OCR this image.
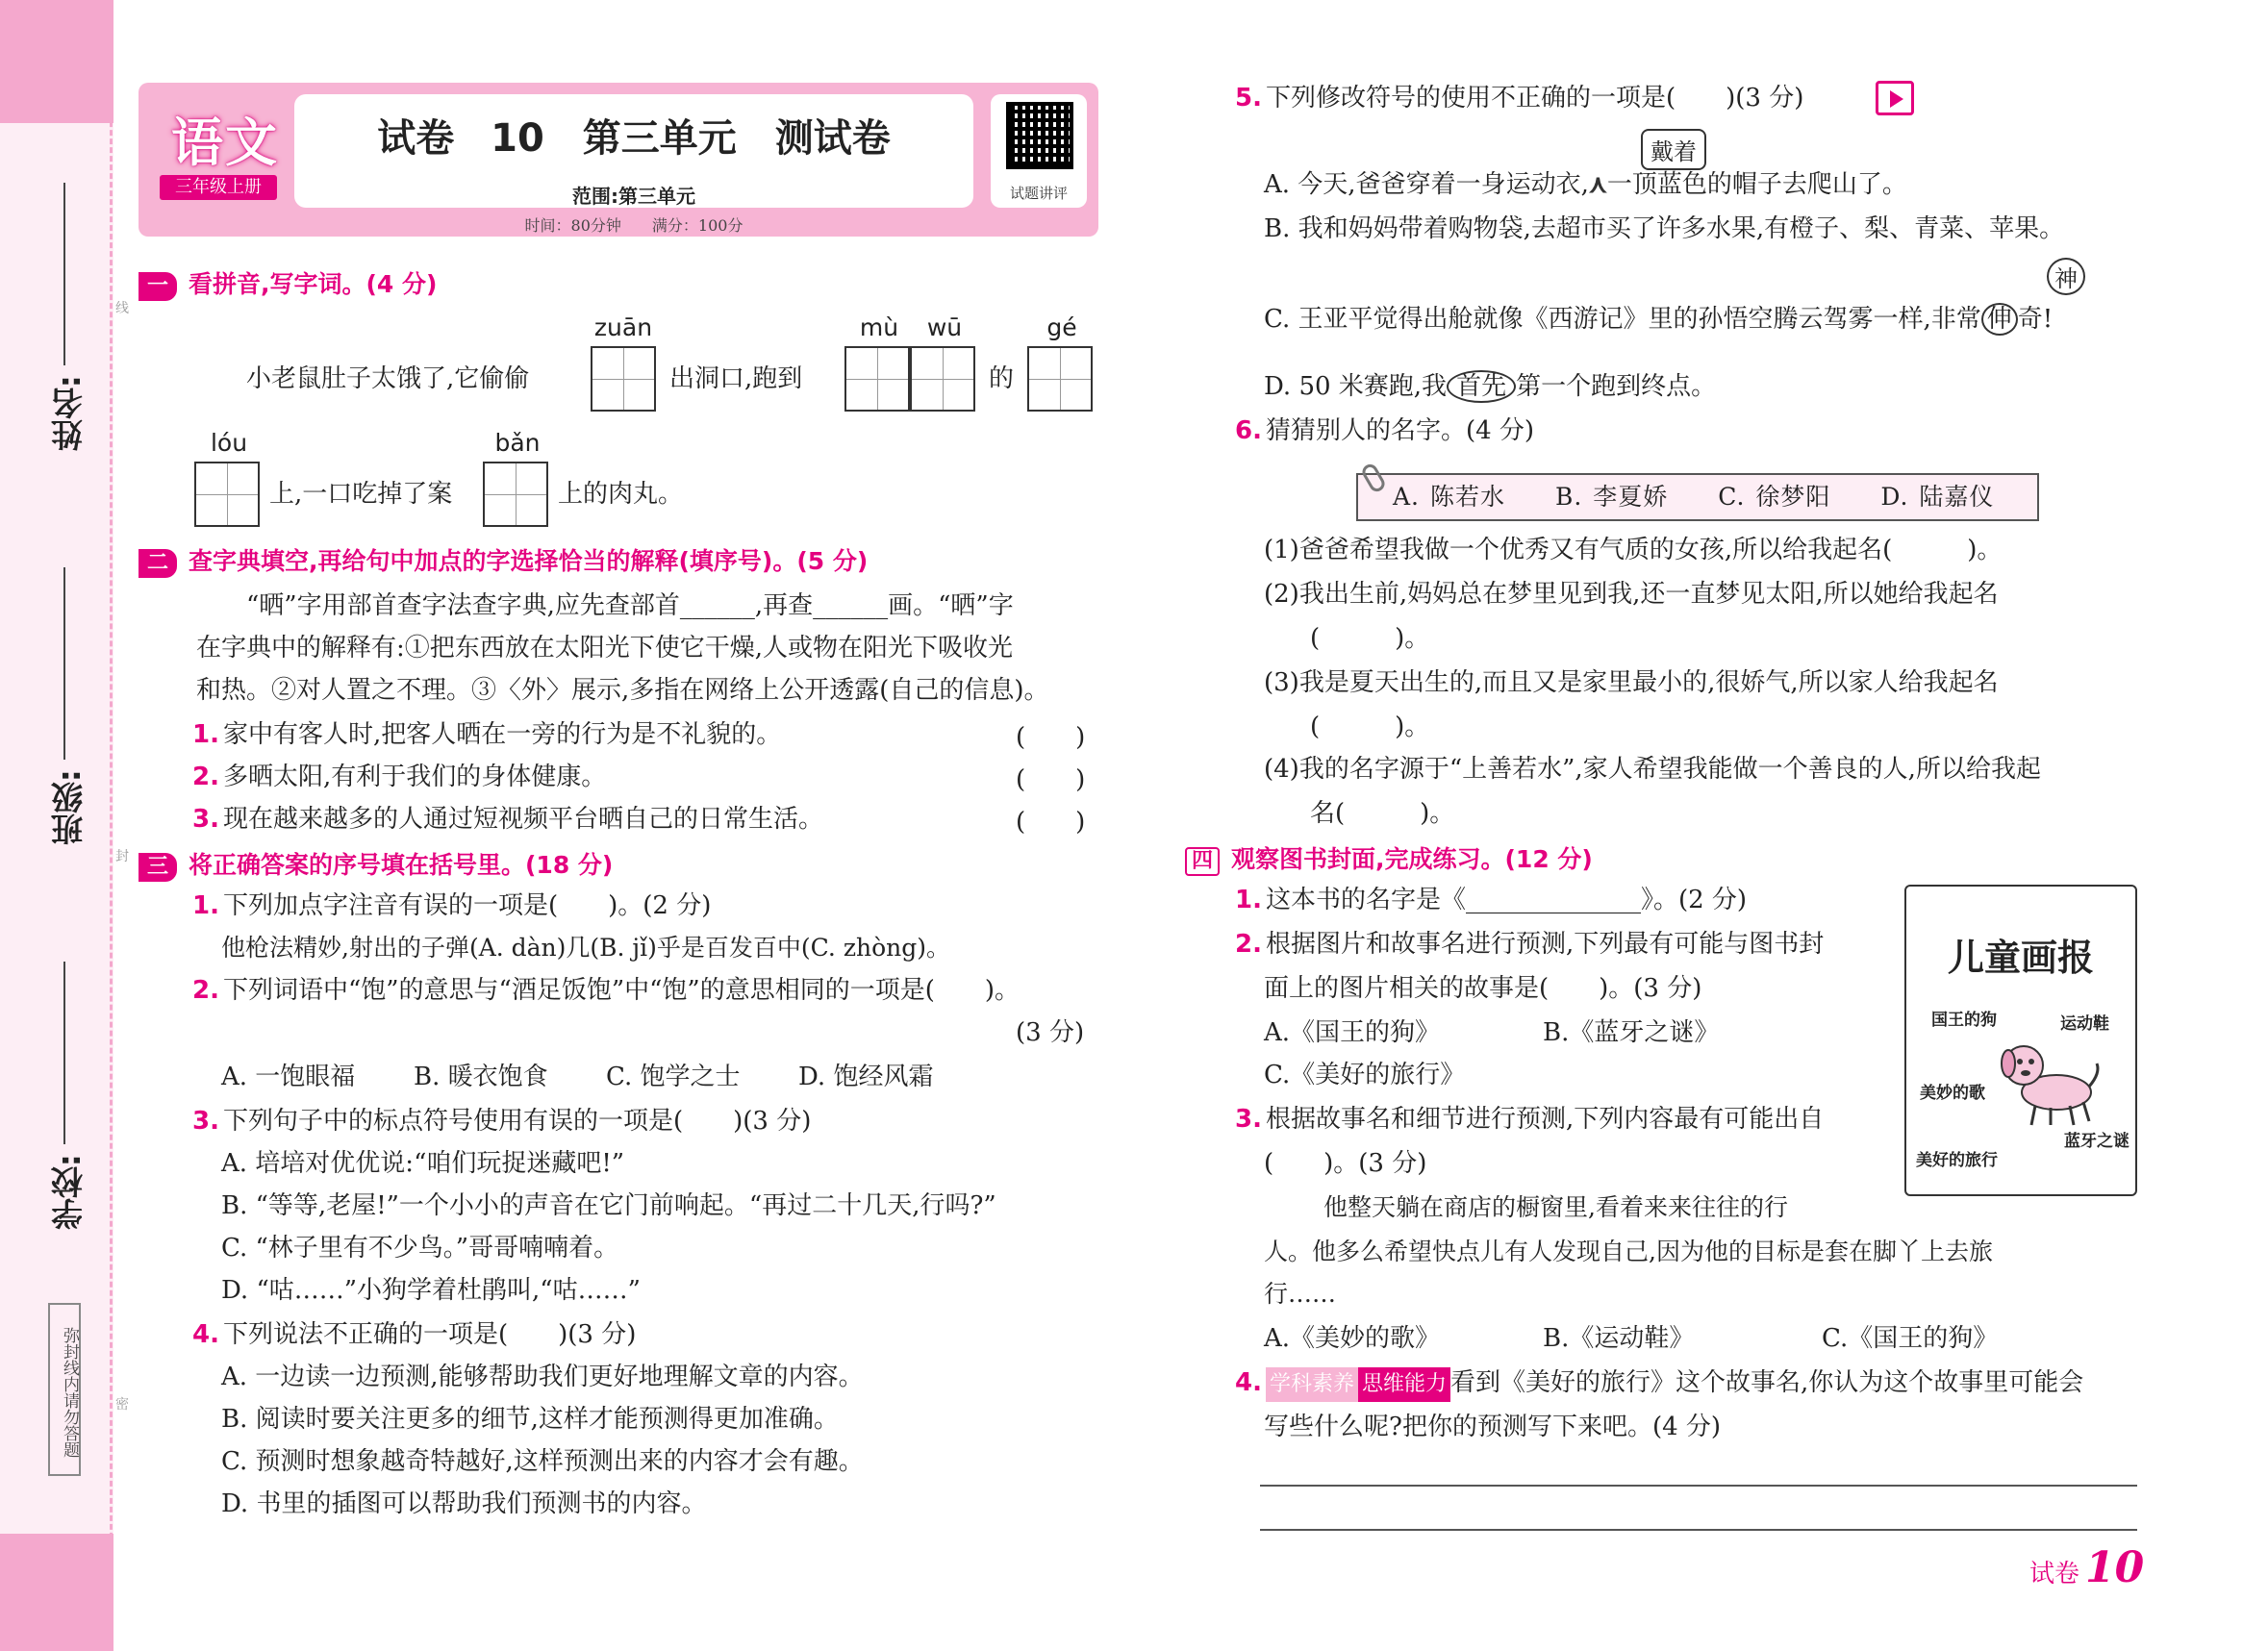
姓名:
班级:
学校:
弥封线内请勿答题
线
封
密
语文
三年级上册
试卷 10　第三单元　测试卷
范围:第三单元
时间：80分钟　　满分：100分
试题讲评
一 看拼音,写字词。(4 分)
小老鼠肚子太饿了,它偷偷
zuān
出洞口,跑到
mù	wū
的
gé
lóu
上,一口吃掉了案
bǎn
上的肉丸。
二 查字典填空,再给句中加点的字选择恰当的解释(填序号)。(5 分)
“晒”字用部首查字法查字典,应先查部首______,再查______画。“晒”字
在字典中的解释有:①把东西放在太阳光下使它干燥,人或物在阳光下吸收光
和热。②对人置之不理。③〈外〉展示,多指在网络上公开透露(自己的信息)。
1. 家中有客人时,把客人晒在一旁的行为是不礼貌的。	(　　)
2. 多晒太阳,有利于我们的身体健康。	(　　)
3. 现在越来越多的人通过短视频平台晒自己的日常生活。	(　　)
三 将正确答案的序号填在括号里。(18 分)
1. 下列加点字注音有误的一项是(　　)。(2 分)
他枪法精妙,射出的子弹(A. dàn)几(B. jǐ)乎是百发百中(C. zhòng)。
2. 下列词语中“饱”的意思与“酒足饭饱”中“饱”的意思相同的一项是(　　)。
(3 分)
A. 一饱眼福 B. 暖衣饱食 C. 饱学之士 D. 饱经风霜
3. 下列句子中的标点符号使用有误的一项是(　　)(3 分)
A. 培培对优优说:“咱们玩捉迷藏吧!”
B. “等等,老屋!”一个小小的声音在它门前响起。“再过二十几天,行吗?”
C. “林子里有不少鸟。”哥哥喃喃着。
D. “咕……”小狗学着杜鹃叫,“咕……”
4. 下列说法不正确的一项是(　　)(3 分)
A. 一边读一边预测,能够帮助我们更好地理解文章的内容。
B. 阅读时要关注更多的细节,这样才能预测得更加准确。
C. 预测时想象越奇特越好,这样预测出来的内容才会有趣。
D. 书里的插图可以帮助我们预测书的内容。
5. 下列修改符号的使用不正确的一项是(　　)(3 分)
戴着
A. 今天,爸爸穿着一身运动衣,⋏一顶蓝色的帽子去爬山了。
B. 我和妈妈带着购物袋,去超市买了许多水果,有橙子、梨、青菜、苹果。
神
C. 王亚平觉得出舱就像《西游记》里的孙悟空腾云驾雾一样,非常 伸 奇!
D. 50 米赛跑,我 首先 第一个跑到终点。
6. 猜猜别人的名字。(4 分)
A. 陈若水　　B. 李夏娇　　C. 徐梦阳　　D. 陆嘉仪
(1)爸爸希望我做一个优秀又有气质的女孩,所以给我起名(　　　)。
(2)我出生前,妈妈总在梦里见到我,还一直梦见太阳,所以她给我起名
(　　　)。
(3)我是夏天出生的,而且又是家里最小的,很娇气,所以家人给我起名
(　　　)。
(4)我的名字源于“上善若水”,家人希望我能做一个善良的人,所以给我起
名(　　　)。
四 观察图书封面,完成练习。(12 分)
1. 这本书的名字是《______________》。(2 分)
2. 根据图片和故事名进行预测,下列最有可能与图书封
面上的图片相关的故事是(　　)。(3 分)
A.《国王的狗》	B.《蓝牙之谜》
C.《美好的旅行》
3. 根据故事名和细节进行预测,下列内容最有可能出自
(　　)。(3 分)
他整天躺在商店的橱窗里,看着来来往往的行
人。他多么希望快点儿有人发现自己,因为他的目标是套在脚丫上去旅
行……
A.《美妙的歌》	B.《运动鞋》	C.《国王的狗》
4. 学科素养 思维能力 看到《美好的旅行》这个故事名,你认为这个故事里可能会
写些什么呢?把你的预测写下来吧。(4 分)
儿童画报
国王的狗	运动鞋
美妙的歌
美好的旅行
蓝牙之谜
试卷 10
